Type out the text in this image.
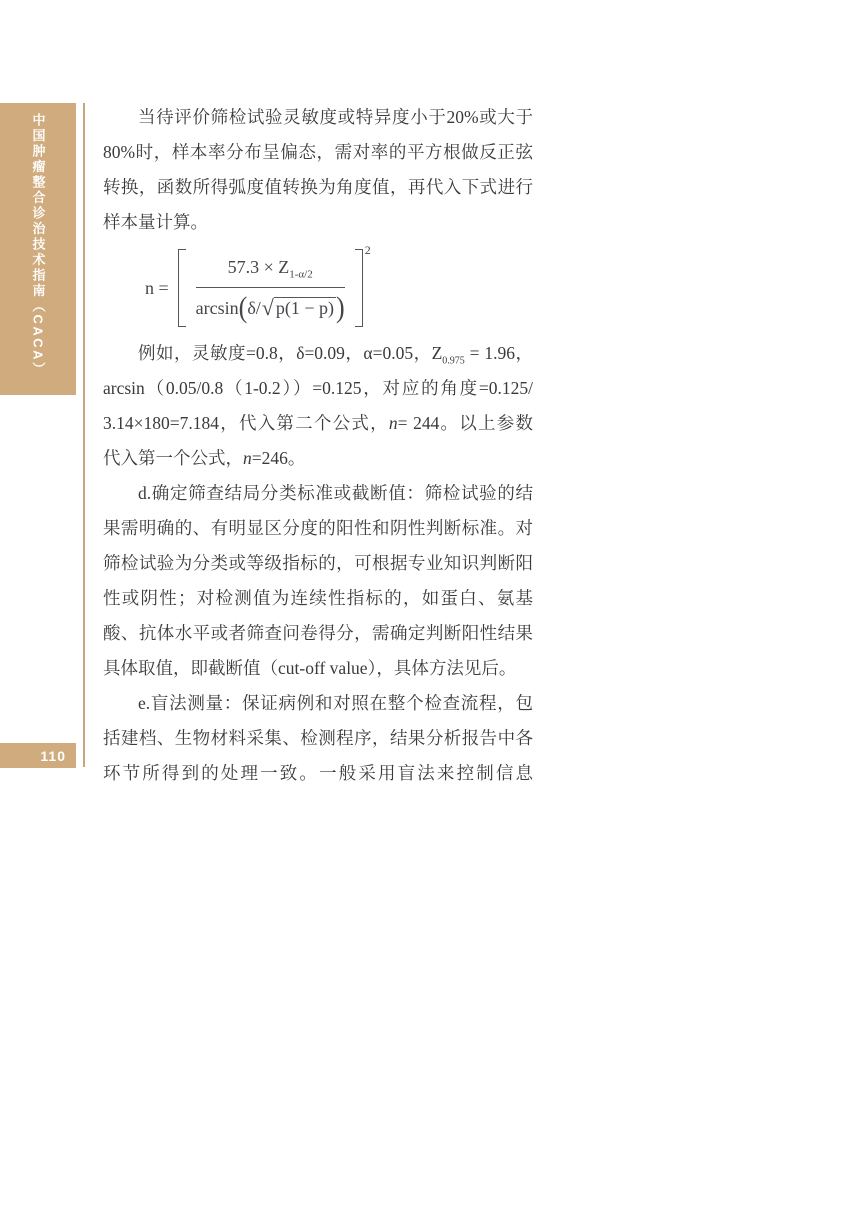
中国肿瘤整合诊治技术指南（CACA）
110
当待评价筛检试验灵敏度或特异度小于20%或大于
80%时，样本率分布呈偏态，需对率的平方根做反正弦
转换，函数所得弧度值转换为角度值，再代入下式进行
样本量计算。
$n = \frac{57.3 \times Z_{1-\alpha/2}}{\arcsin ( \delta/ √ p(1 - p) )} ^2$
例如，灵敏度=0.8，δ=0.09，α=0.05，$Z_{0.975} = 1.96$，
arcsin（0.05/0.8（1-0.2））=0.125，对应的角度=0.125/
3.14×180=7.184，代入第二个公式，n= 244。以上参数
代入第一个公式，n=246。
d.确定筛查结局分类标准或截断值：筛检试验的结
果需明确的、有明显区分度的阳性和阴性判断标准。对
筛检试验为分类或等级指标的，可根据专业知识判断阳
性或阴性；对检测值为连续性指标的，如蛋白、氨基
酸、抗体水平或者筛查问卷得分，需确定判断阳性结果
具体取值，即截断值（cut-off value），具体方法见后。
e.盲法测量：保证病例和对照在整个检查流程，包
括建档、生物材料采集、检测程序，结果分析报告中各
环节所得到的处理一致。一般采用盲法来控制信息
